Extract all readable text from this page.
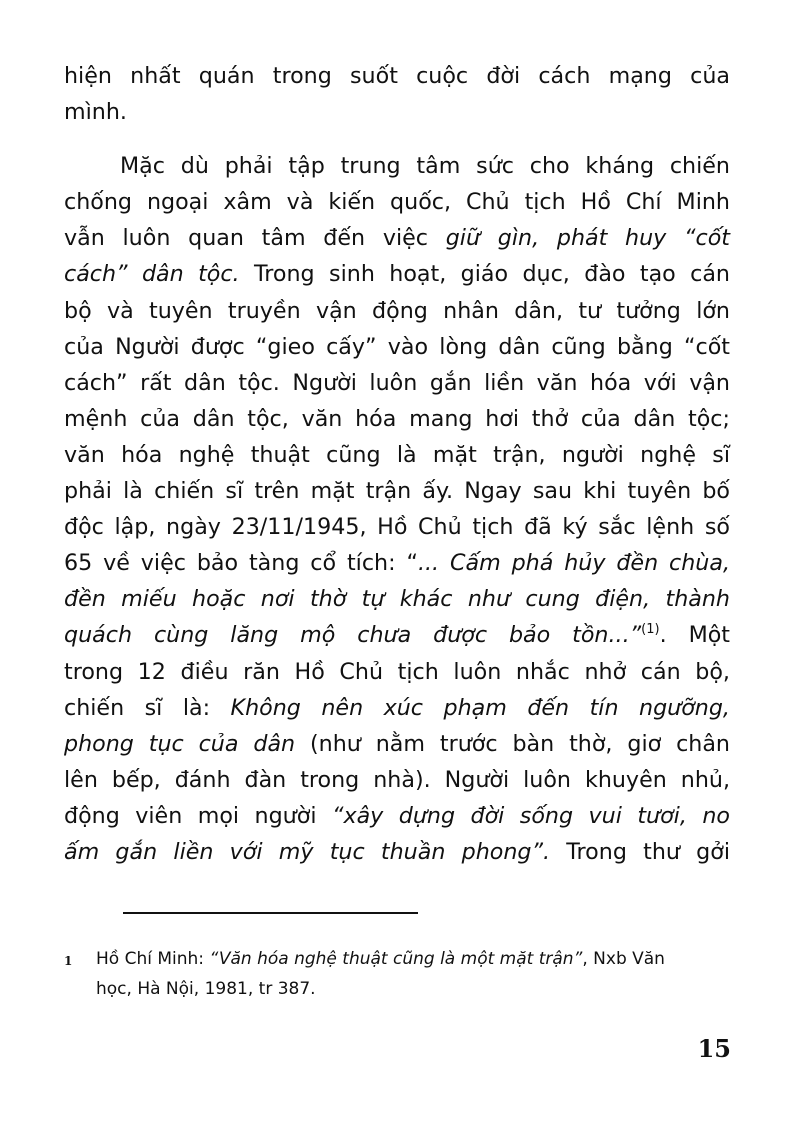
hiện nhất quán trong suốt cuộc đời cách mạng của
mình.
Mặc dù phải tập trung tâm sức cho kháng chiến
chống ngoại xâm và kiến quốc, Chủ tịch Hồ Chí Minh
vẫn luôn quan tâm đến việc giữ gìn, phát huy “cốt
cách” dân tộc. Trong sinh hoạt, giáo dục, đào tạo cán
bộ và tuyên truyền vận động nhân dân, tư tưởng lớn
của Người được “gieo cấy” vào lòng dân cũng bằng “cốt
cách” rất dân tộc. Người luôn gắn liền văn hóa với vận
mệnh của dân tộc, văn hóa mang hơi thở của dân tộc;
văn hóa nghệ thuật cũng là mặt trận, người nghệ sĩ
phải là chiến sĩ trên mặt trận ấy. Ngay sau khi tuyên bố
độc lập, ngày 23/11/1945, Hồ Chủ tịch đã ký sắc lệnh số
65 về việc bảo tàng cổ tích: “... Cấm phá hủy đền chùa,
đền miếu hoặc nơi thờ tự khác như cung điện, thành
quách cùng lăng mộ chưa được bảo tồn...”$^{(1)}$. Một
trong 12 điều răn Hồ Chủ tịch luôn nhắc nhở cán bộ,
chiến sĩ là: Không nên xúc phạm đến tín ngưỡng,
phong tục của dân (như nằm trước bàn thờ, giơ chân
lên bếp, đánh đàn trong nhà). Người luôn khuyên nhủ,
động viên mọi người “xây dựng đời sống vui tươi, no
ấm gắn liền với mỹ tục thuần phong”. Trong thư gởi
1	Hồ Chí Minh: “Văn hóa nghệ thuật cũng là một mặt trận”, Nxb Văn
học, Hà Nội, 1981, tr 387.
15
